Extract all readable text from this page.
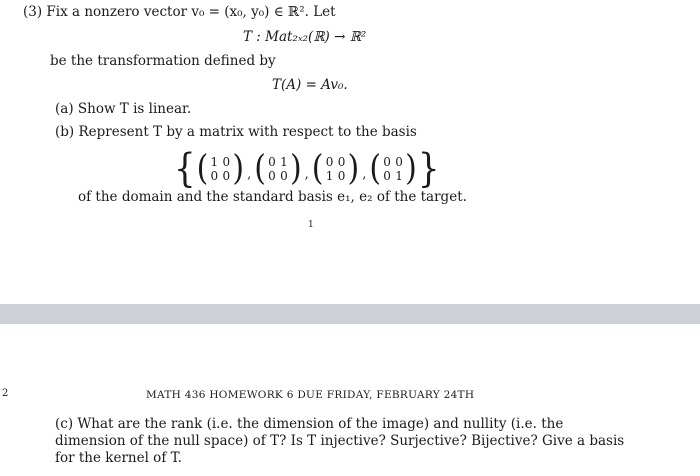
(3) Fix a nonzero vector v₀ = (x₀, y₀) ∈ ℝ². Let
T : Mat₂ₓ₂(ℝ) → ℝ²
be the transformation defined by
T(A) = Av₀.
(a) Show T is linear.
(b) Represent T by a matrix with respect to the basis
{ ( 1 0
0 0 ) , ( 0 1
0 0 ) , ( 0 0
1 0 ) , ( 0 0
0 1 ) }
of the domain and the standard basis e₁, e₂ of the target.
1
2	MATH 436 HOMEWORK 6 DUE FRIDAY, FEBRUARY 24TH
(c) What are the rank (i.e. the dimension of the image) and nullity (i.e. the dimension of the null space) of T? Is T injective? Surjective? Bijective? Give a basis for the kernel of T.
